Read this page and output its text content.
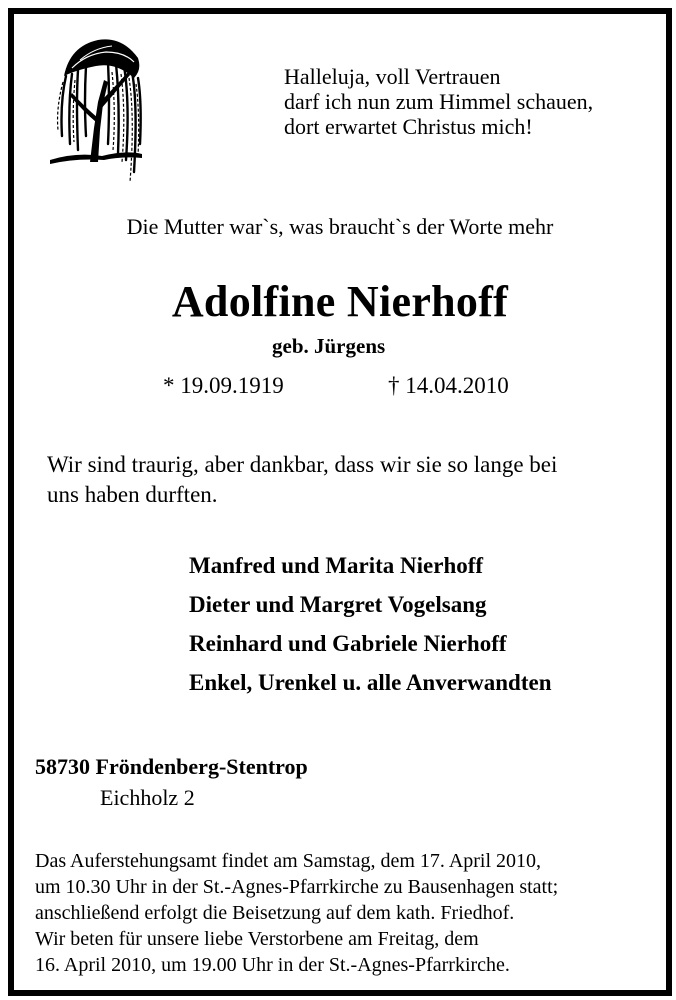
Halleluja, voll Vertrauen
darf ich nun zum Himmel schauen,
dort erwartet Christus mich!
Die Mutter war`s, was braucht`s der Worte mehr
Adolfine Nierhoff
geb. Jürgens
* 19.09.1919	† 14.04.2010
Wir sind traurig, aber dankbar, dass wir sie so lange bei
uns haben durften.
Manfred und Marita Nierhoff
Dieter und Margret Vogelsang
Reinhard und Gabriele Nierhoff
Enkel, Urenkel u. alle Anverwandten
58730 Fröndenberg-Stentrop
Eichholz 2
Das Auferstehungsamt findet am Samstag, dem 17. April 2010,
um 10.30 Uhr in der St.-Agnes-Pfarrkirche zu Bausenhagen statt;
anschließend erfolgt die Beisetzung auf dem kath. Friedhof.
Wir beten für unsere liebe Verstorbene am Freitag, dem
16. April 2010, um 19.00 Uhr in der St.-Agnes-Pfarrkirche.
